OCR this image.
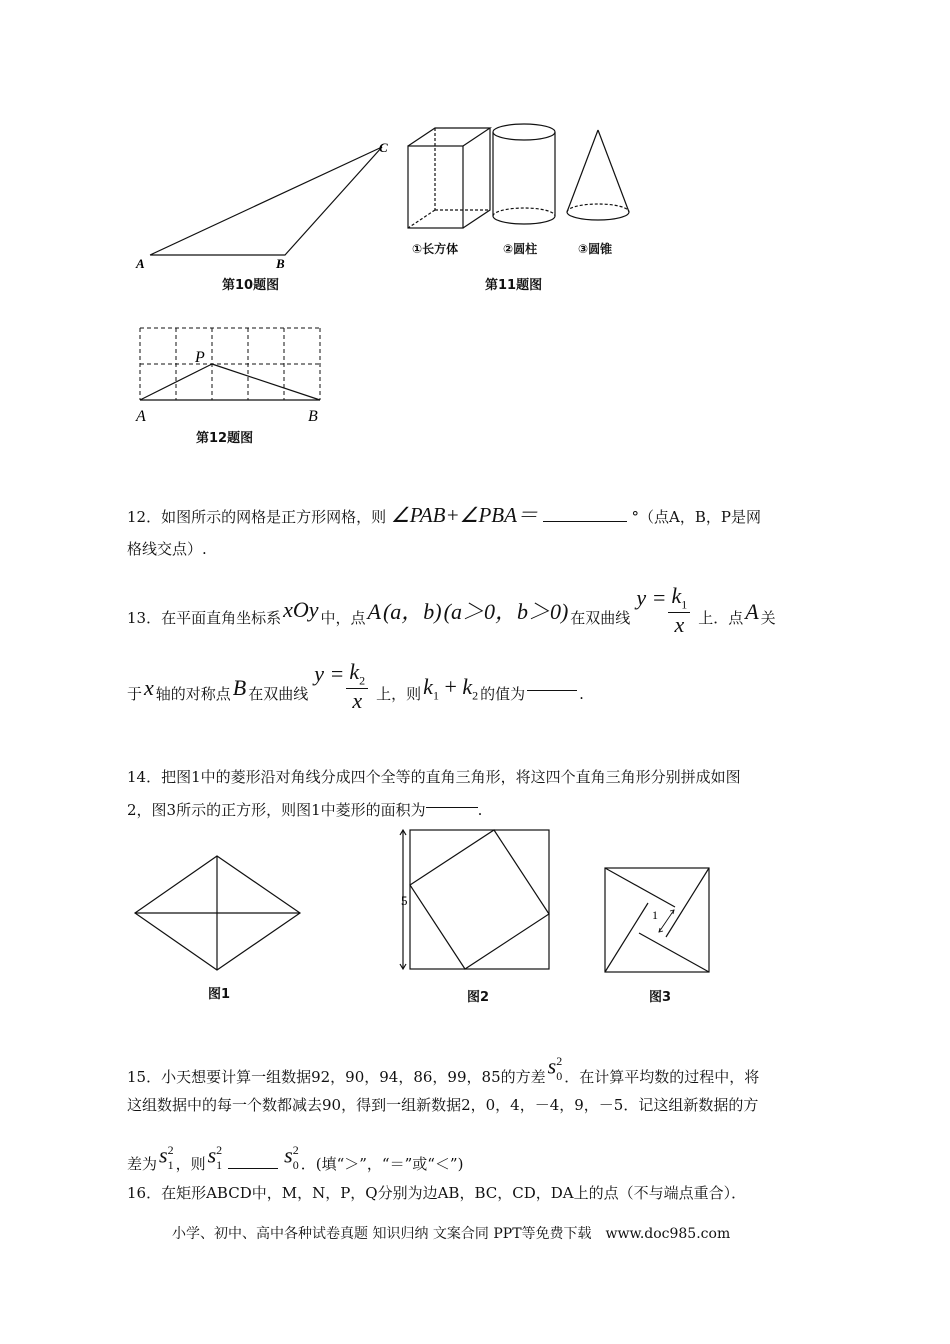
A	B
C
第10题图
①长方体	②圆柱	③圆锥
第11题图
P
A	B
第12题图
12．如图所示的网格是正方形网格，则 ∠PAB+∠PBA＝	°（点A，B，P是网
格线交点）.
13．在平面直角坐标系 xOy 中，点 A (a，b) (a＞0，b＞0) 在双曲线
$y = \frac{k_1}{x}$ 上．点 A 关
于 x 轴的对称点 B 在双曲线
$y = \frac{k_2}{x}$ 上，则 $k_1 + k_2$ 的值为	.
14．把图1中的菱形沿对角线分成四个全等的直角三角形，将这四个直角三角形分别拼成如图
2，图3所示的正方形，则图1中菱形的面积为	.
图1
5
图2
1
图3
15．小天想要计算一组数据92，90，94，86，99，85的方差 s 2
0 ．在计算平均数的过程中，将
这组数据中的每一个数都减去90，得到一组新数据2，0，4，－4，9，－5．记这组新数据的方
差为 s 2
1 ，则 s 2
1	s 2
0 ．(填“＞”，“＝”或“＜”)
16．在矩形ABCD中，M，N，P，Q分别为边AB，BC，CD，DA上的点（不与端点重合）．
小学、初中、高中各种试卷真题 知识归纳 文案合同 PPT等免费下载　www.doc985.com
